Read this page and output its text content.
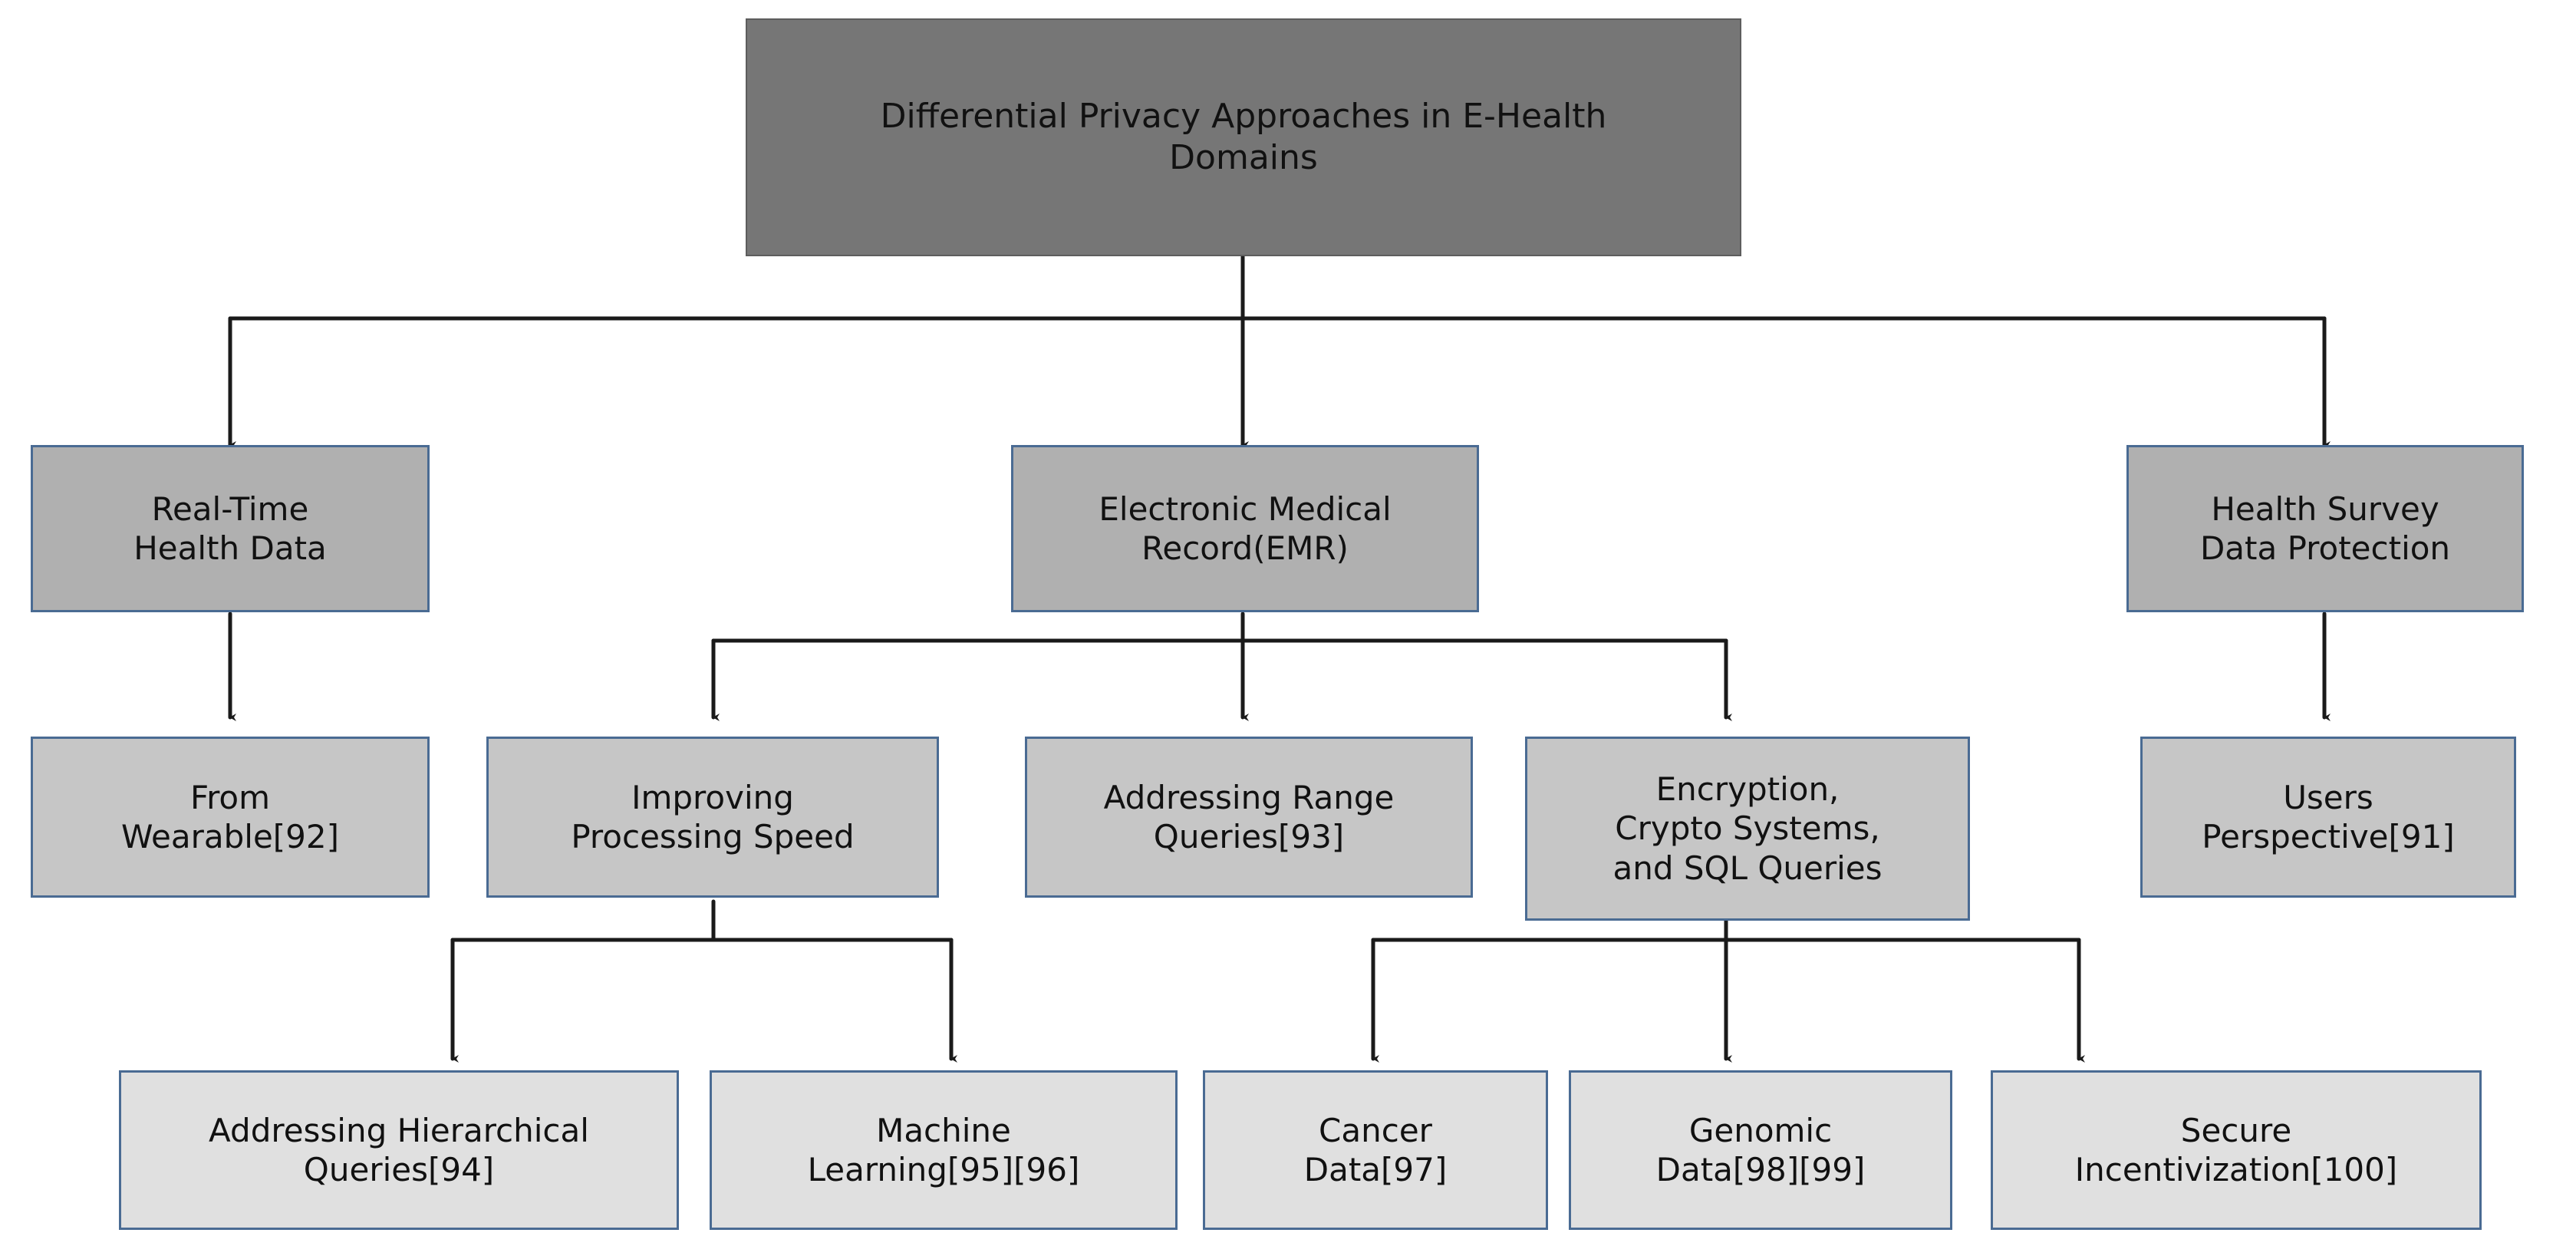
Differential Privacy Approaches in E-Health
Domains
Real-Time
Health Data
Electronic Medical
Record(EMR)
Health Survey
Data Protection
From
Wearable[92]
Improving
Processing Speed
Addressing Range
Queries[93]
Encryption,
Crypto Systems,
and SQL Queries
Users
Perspective[91]
Addressing Hierarchical
Queries[94]
Machine
Learning[95][96]
Cancer
Data[97]
Genomic
Data[98][99]
Secure
Incentivization[100]
